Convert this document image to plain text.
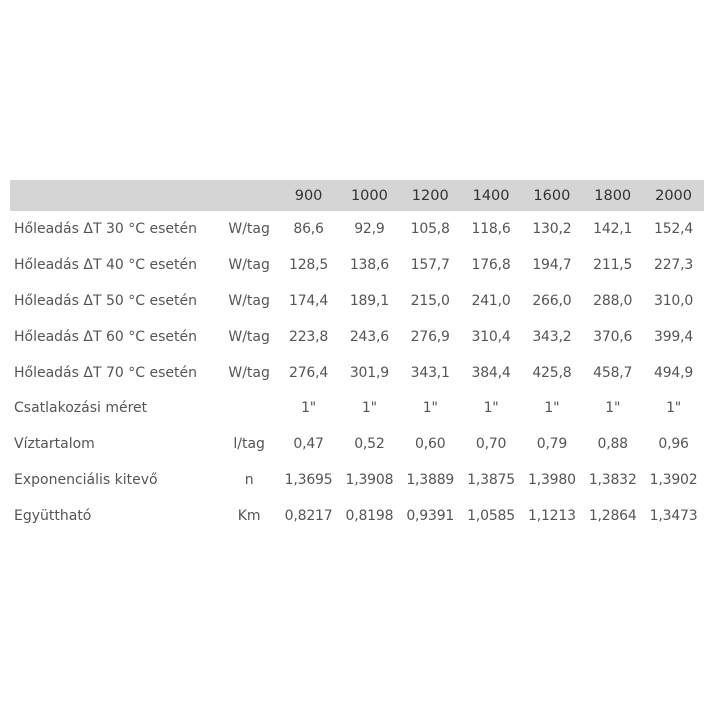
		900	1000	1200	1400	1600	1800	2000
Hőleadás ΔT 30 °C esetén	W/tag	86,6	92,9	105,8	118,6	130,2	142,1	152,4
Hőleadás ΔT 40 °C esetén	W/tag	128,5	138,6	157,7	176,8	194,7	211,5	227,3
Hőleadás ΔT 50 °C esetén	W/tag	174,4	189,1	215,0	241,0	266,0	288,0	310,0
Hőleadás ΔT 60 °C esetén	W/tag	223,8	243,6	276,9	310,4	343,2	370,6	399,4
Hőleadás ΔT 70 °C esetén	W/tag	276,4	301,9	343,1	384,4	425,8	458,7	494,9
Csatlakozási méret		1"	1"	1"	1"	1"	1"	1"
Víztartalom	l/tag	0,47	0,52	0,60	0,70	0,79	0,88	0,96
Exponenciális kitevő	n	1,3695	1,3908	1,3889	1,3875	1,3980	1,3832	1,3902
Együttható	Km	0,8217	0,8198	0,9391	1,0585	1,1213	1,2864	1,3473
